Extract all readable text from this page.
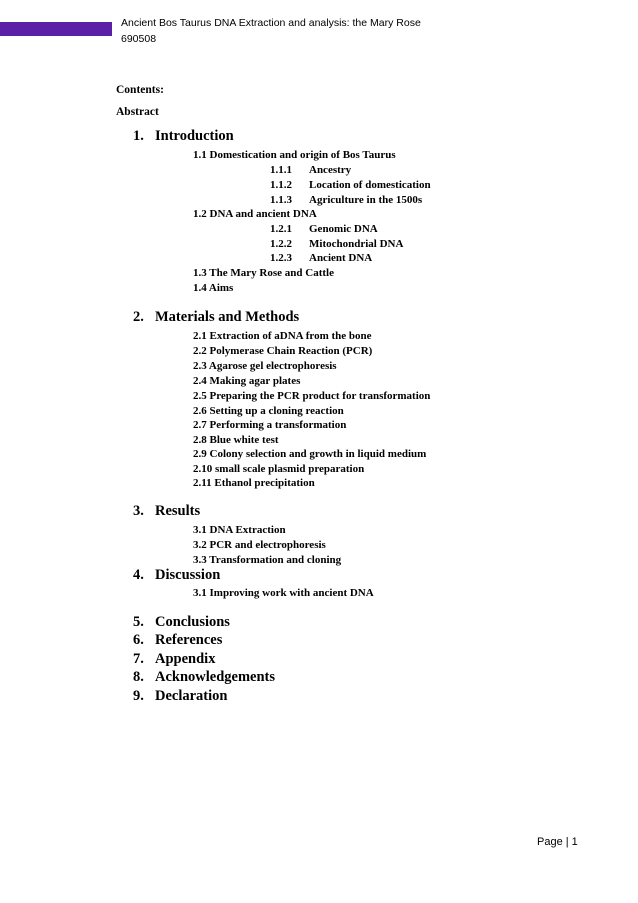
Ancient Bos Taurus DNA Extraction and analysis: the Mary Rose
690508
Contents:
Abstract
1. Introduction
1.1 Domestication and origin of Bos Taurus
1.1.1 Ancestry
1.1.2 Location of domestication
1.1.3 Agriculture in the 1500s
1.2 DNA and ancient DNA
1.2.1 Genomic DNA
1.2.2 Mitochondrial DNA
1.2.3 Ancient DNA
1.3 The Mary Rose and Cattle
1.4 Aims
2. Materials and Methods
2.1 Extraction of aDNA from the bone
2.2 Polymerase Chain Reaction (PCR)
2.3 Agarose gel electrophoresis
2.4 Making agar plates
2.5 Preparing the PCR product for transformation
2.6 Setting up a cloning reaction
2.7 Performing a transformation
2.8 Blue white test
2.9 Colony selection and growth in liquid medium
2.10 small scale plasmid preparation
2.11 Ethanol precipitation
3. Results
3.1 DNA Extraction
3.2 PCR and electrophoresis
3.3 Transformation and cloning
4. Discussion
3.1 Improving work with ancient DNA
5. Conclusions
6. References
7. Appendix
8. Acknowledgements
9. Declaration
Page | 1
